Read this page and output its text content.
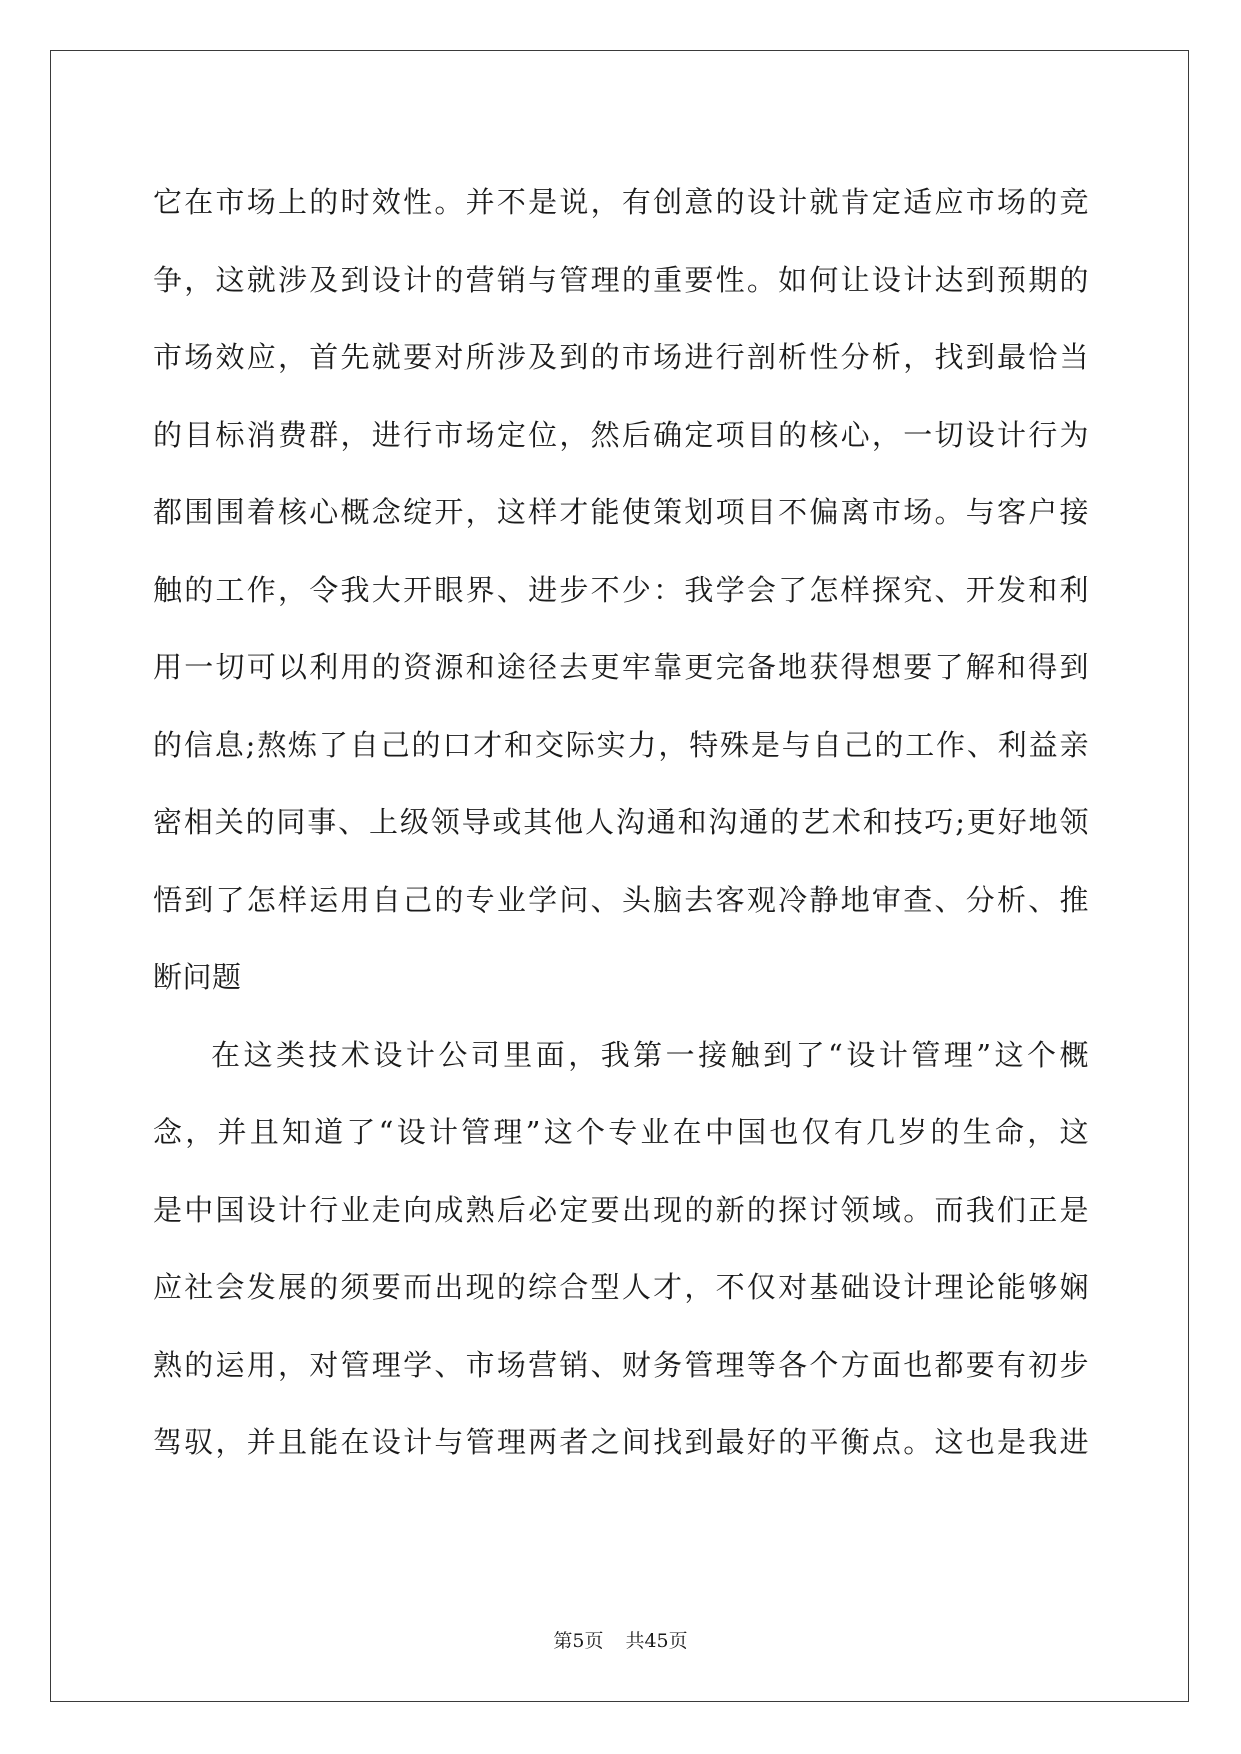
它在市场上的时效性。并不是说，有创意的设计就肯定适应市场的竞
争，这就涉及到设计的营销与管理的重要性。如何让设计达到预期的
市场效应，首先就要对所涉及到的市场进行剖析性分析，找到最恰当
的目标消费群，进行市场定位，然后确定项目的核心，一切设计行为
都围围着核心概念绽开，这样才能使策划项目不偏离市场。与客户接
触的工作，令我大开眼界、进步不少：我学会了怎样探究、开发和利
用一切可以利用的资源和途径去更牢靠更完备地获得想要了解和得到
的信息;熬炼了自己的口才和交际实力，特殊是与自己的工作、利益亲
密相关的同事、上级领导或其他人沟通和沟通的艺术和技巧;更好地领
悟到了怎样运用自己的专业学问、头脑去客观冷静地审查、分析、推
断问题

在这类技术设计公司里面，我第一接触到了“设计管理”这个概
念，并且知道了“设计管理”这个专业在中国也仅有几岁的生命，这
是中国设计行业走向成熟后必定要出现的新的探讨领域。而我们正是
应社会发展的须要而出现的综合型人才，不仅对基础设计理论能够娴
熟的运用，对管理学、市场营销、财务管理等各个方面也都要有初步
驾驭，并且能在设计与管理两者之间找到最好的平衡点。这也是我进

第5页 共45页
